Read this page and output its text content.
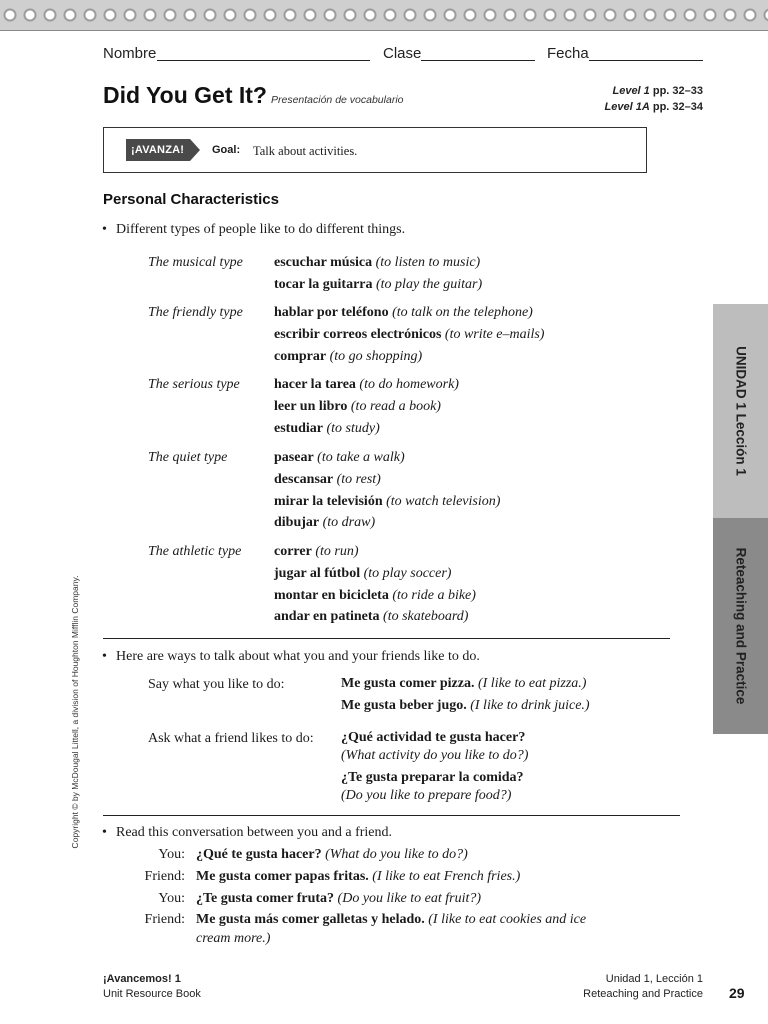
Nombre	Clase	Fecha
Did You Get It? Presentación de vocabulario
Level 1 pp. 32–33
Level 1A pp. 32–34
¡AVANZA!	Goal: Talk about activities.
Personal Characteristics
• Different types of people like to do different things.
The musical type escuchar música (to listen to music)
tocar la guitarra (to play the guitar)
The friendly type hablar por teléfono (to talk on the telephone)
escribir correos electrónicos (to write e–mails)
comprar (to go shopping)
The serious type hacer la tarea (to do homework)
leer un libro (to read a book)
estudiar (to study)
The quiet type	pasear (to take a walk)
descansar (to rest)
mirar la televisión (to watch television)
dibujar (to draw)
The athletic type correr (to run)
jugar al fútbol (to play soccer)
montar en bicicleta (to ride a bike)
andar en patineta (to skateboard)
• Here are ways to talk about what you and your friends like to do.
Say what you like to do:	Me gusta comer pizza. (I like to eat pizza.)
Me gusta beber jugo. (I like to drink juice.)
Ask what a friend likes to do: ¿Qué actividad te gusta hacer?
(What activity do you like to do?)
¿Te gusta preparar la comida?
(Do you like to prepare food?)
• Read this conversation between you and a friend.
You: ¿Qué te gusta hacer? (What do you like to do?)
Friend: Me gusta comer papas fritas. (I like to eat French fries.)
You: ¿Te gusta comer fruta? (Do you like to eat fruit?)
Friend: Me gusta más comer galletas y helado. (I like to eat cookies and ice
cream more.)
UNIDAD 1 Lección 1
Reteaching and Practice
Copyright © by McDougal Littell, a division of Houghton Mifflin Company.
¡Avancemos! 1
Unit Resource Book
Unidad 1, Lección 1
Reteaching and Practice 29
